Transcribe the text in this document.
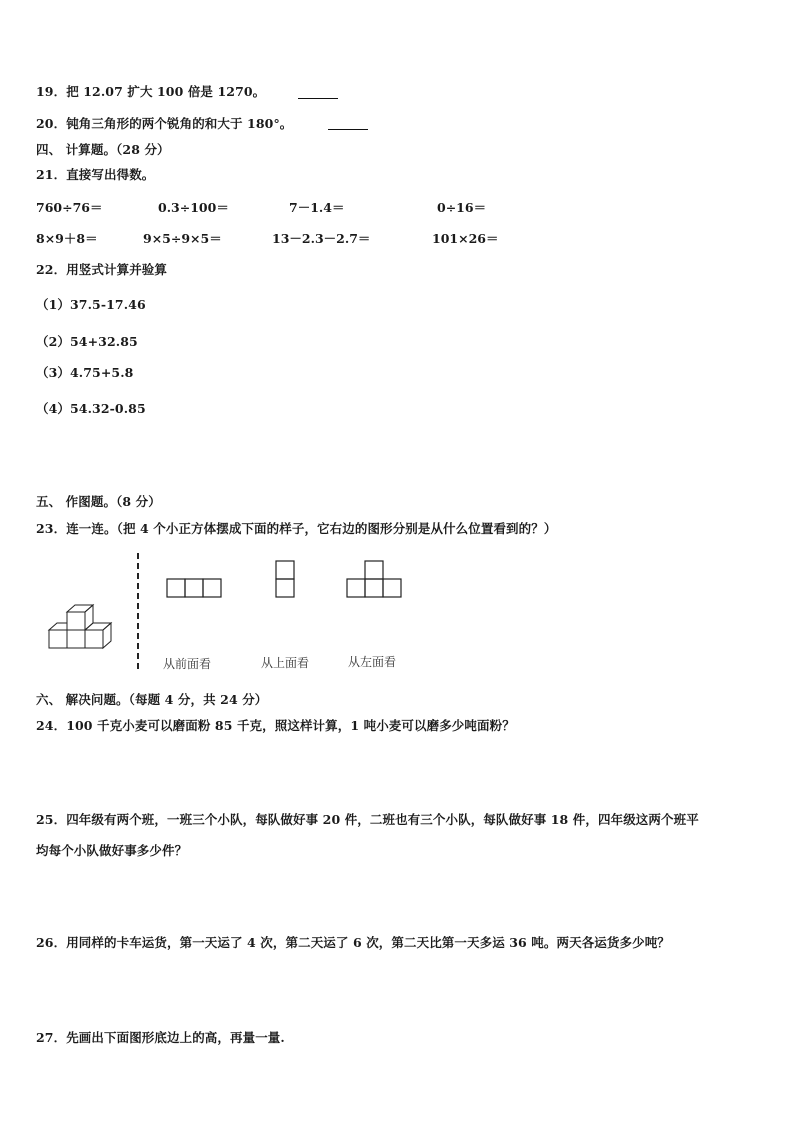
19．把 12.07 扩大 100 倍是 1270。
20．钝角三角形的两个锐角的和大于 180°。
四、 计算题。（28 分）
21．直接写出得数。
760÷76＝	0.3÷100＝	7－1.4＝	0÷16＝
8×9＋8＝	9×5÷9×5＝	13－2.3－2.7＝	101×26＝
22．用竖式计算并验算
（1）37.5-17.46
（2）54+32.85
（3）4.75+5.8
（4）54.32-0.85
五、 作图题。（8 分）
23．连一连。（把 4 个小正方体摆成下面的样子，它右边的图形分别是从什么位置看到的？）
从前面看	从上面看	从左面看
六、 解决问题。（每题 4 分，共 24 分）
24．100 千克小麦可以磨面粉 85 千克，照这样计算，1 吨小麦可以磨多少吨面粉？
25．四年级有两个班，一班三个小队，每队做好事 20 件，二班也有三个小队，每队做好事 18 件，四年级这两个班平
均每个小队做好事多少件？
26．用同样的卡车运货，第一天运了 4 次，第二天运了 6 次，第二天比第一天多运 36 吨。两天各运货多少吨？
27．先画出下面图形底边上的高，再量一量.
